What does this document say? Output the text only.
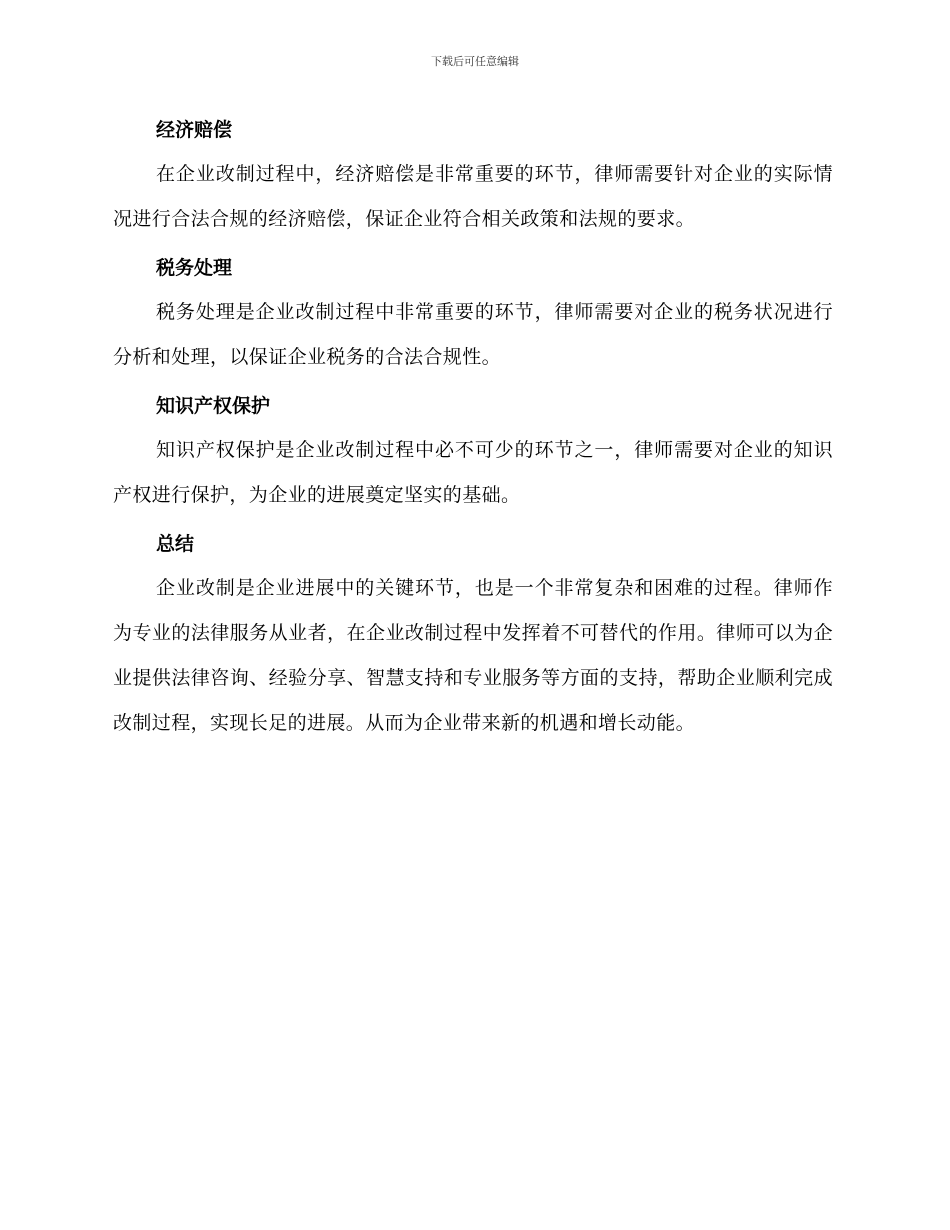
下载后可任意编辑
经济赔偿

在企业改制过程中，经济赔偿是非常重要的环节，律师需要针对企业的实际情况进行合法合规的经济赔偿，保证企业符合相关政策和法规的要求。

税务处理

税务处理是企业改制过程中非常重要的环节，律师需要对企业的税务状况进行分析和处理，以保证企业税务的合法合规性。

知识产权保护

知识产权保护是企业改制过程中必不可少的环节之一，律师需要对企业的知识产权进行保护，为企业的进展奠定坚实的基础。

总结

企业改制是企业进展中的关键环节，也是一个非常复杂和困难的过程。律师作为专业的法律服务从业者，在企业改制过程中发挥着不可替代的作用。律师可以为企业提供法律咨询、经验分享、智慧支持和专业服务等方面的支持，帮助企业顺利完成改制过程，实现长足的进展。从而为企业带来新的机遇和增长动能。
